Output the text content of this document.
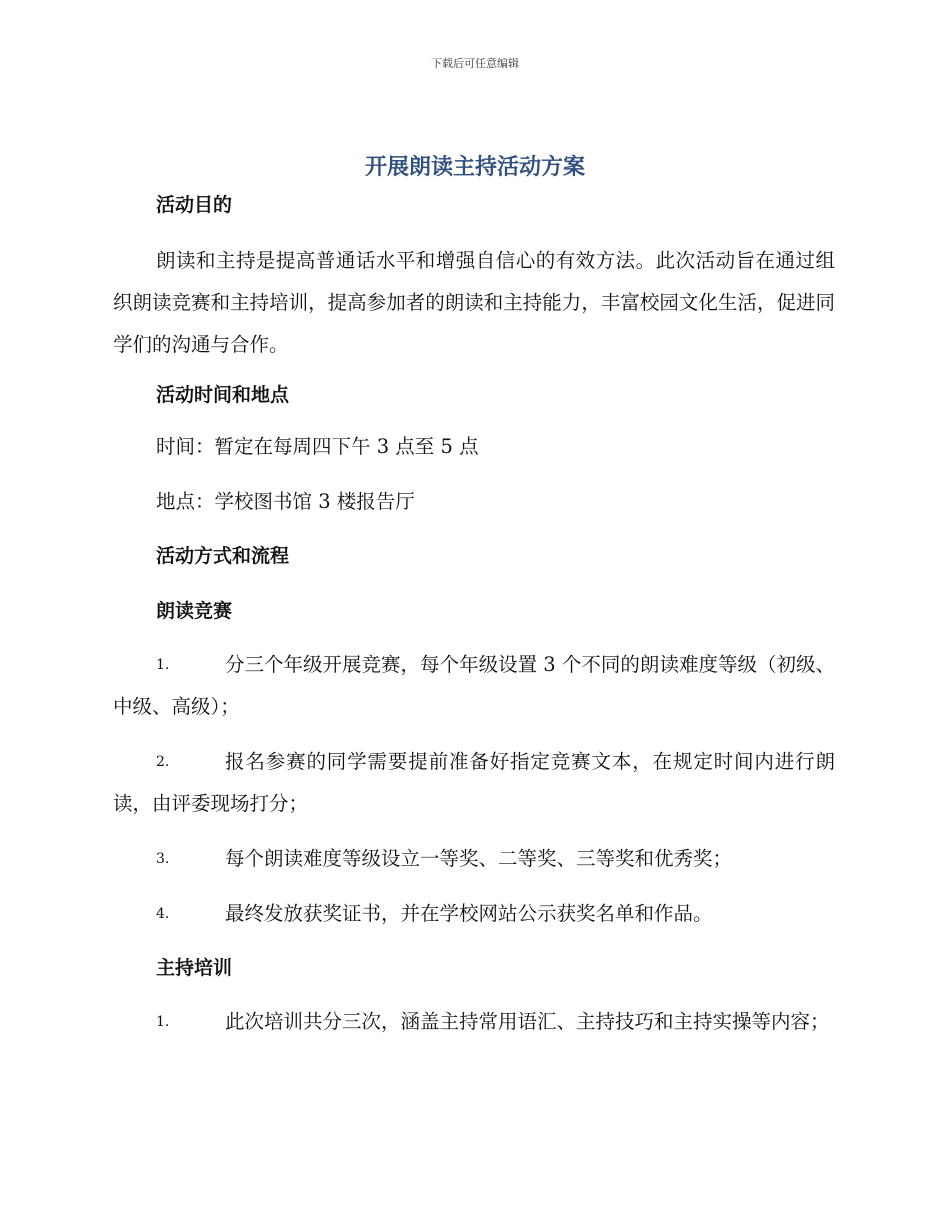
下载后可任意编辑
开展朗读主持活动方案

活动目的

朗读和主持是提高普通话水平和增强自信心的有效方法。此次活动旨在通过组织朗读竞赛和主持培训，提高参加者的朗读和主持能力，丰富校园文化生活，促进同学们的沟通与合作。

活动时间和地点

时间：暂定在每周四下午 3 点至 5 点

地点：学校图书馆 3 楼报告厅

活动方式和流程

朗读竞赛

1.	分三个年级开展竞赛，每个年级设置 3 个不同的朗读难度等级（初级、中级、高级）；
2.	报名参赛的同学需要提前准备好指定竞赛文本，在规定时间内进行朗读，由评委现场打分；
3.	每个朗读难度等级设立一等奖、二等奖、三等奖和优秀奖；
4.	最终发放获奖证书，并在学校网站公示获奖名单和作品。

主持培训

1.	此次培训共分三次，涵盖主持常用语汇、主持技巧和主持实操等内容；
